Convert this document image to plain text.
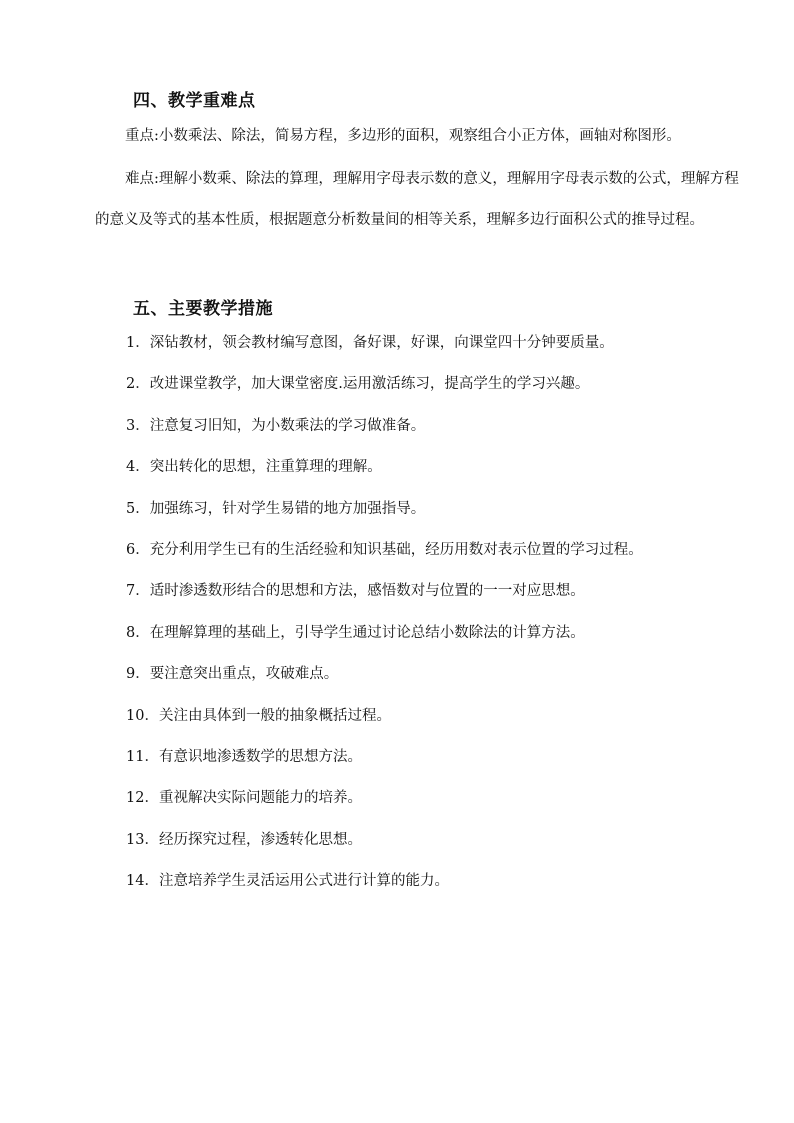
四、教学重难点
重点:小数乘法、除法，简易方程，多边形的面积，观察组合小正方体，画轴对称图形。
难点:理解小数乘、除法的算理，理解用字母表示数的意义，理解用字母表示数的公式，理解方程的意义及等式的基本性质，根据题意分析数量间的相等关系，理解多边行面积公式的推导过程。
五、主要教学措施
1．深钻教材，领会教材编写意图，备好课，好课，向课堂四十分钟要质量。
2．改进课堂教学，加大课堂密度.运用激活练习，提高学生的学习兴趣。
3．注意复习旧知，为小数乘法的学习做准备。
4．突出转化的思想，注重算理的理解。
5．加强练习，针对学生易错的地方加强指导。
6．充分利用学生已有的生活经验和知识基础，经历用数对表示位置的学习过程。
7．适时渗透数形结合的思想和方法，感悟数对与位置的一一对应思想。
8．在理解算理的基础上，引导学生通过讨论总结小数除法的计算方法。
9．要注意突出重点，攻破难点。
10．关注由具体到一般的抽象概括过程。
11．有意识地渗透数学的思想方法。
12．重视解决实际问题能力的培养。
13．经历探究过程，渗透转化思想。
14．注意培养学生灵活运用公式进行计算的能力。
